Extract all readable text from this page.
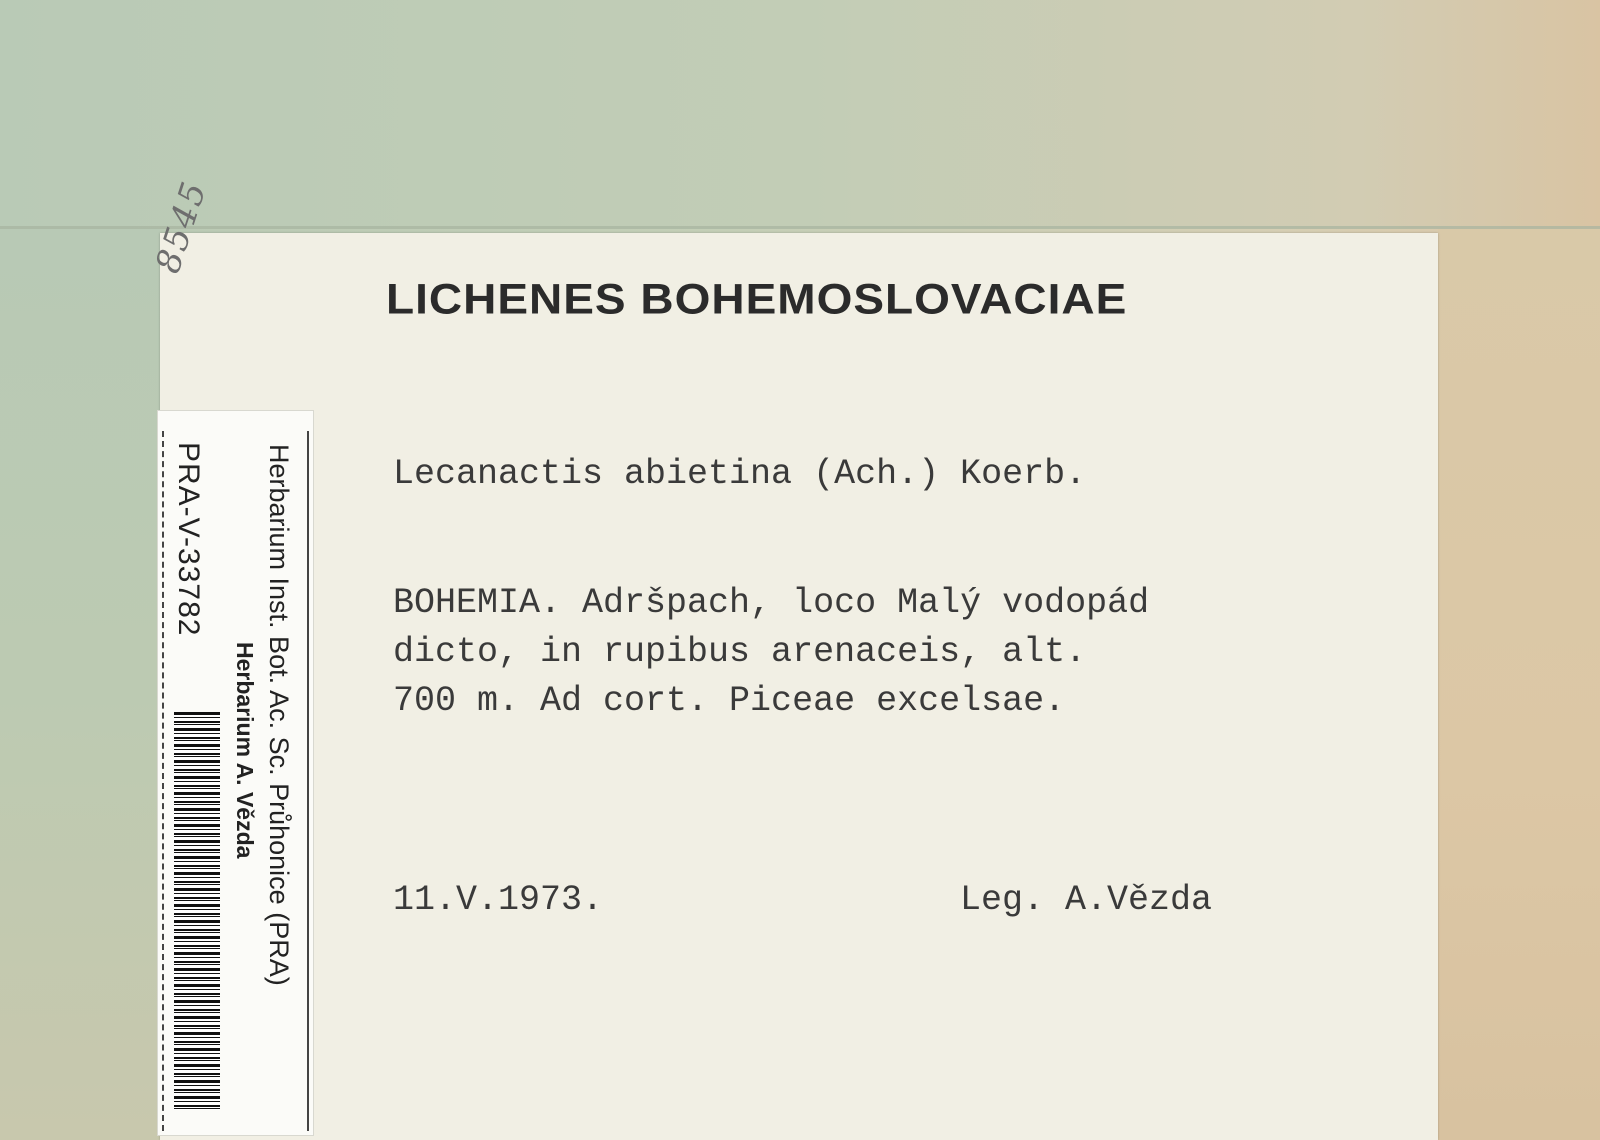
8545
LICHENES BOHEMOSLOVACIAE
Lecanactis abietina (Ach.) Koerb.
BOHEMIA. Adršpach, loco Malý vodopád
dicto, in rupibus arenaceis, alt.
700 m. Ad cort. Piceae excelsae.
11.V.1973.	Leg. A.Vězda
PRA-V-33782 Herbarium Inst. Bot. Ac. Sc. Průhonice (PRA)
Herbarium A. Vězda
